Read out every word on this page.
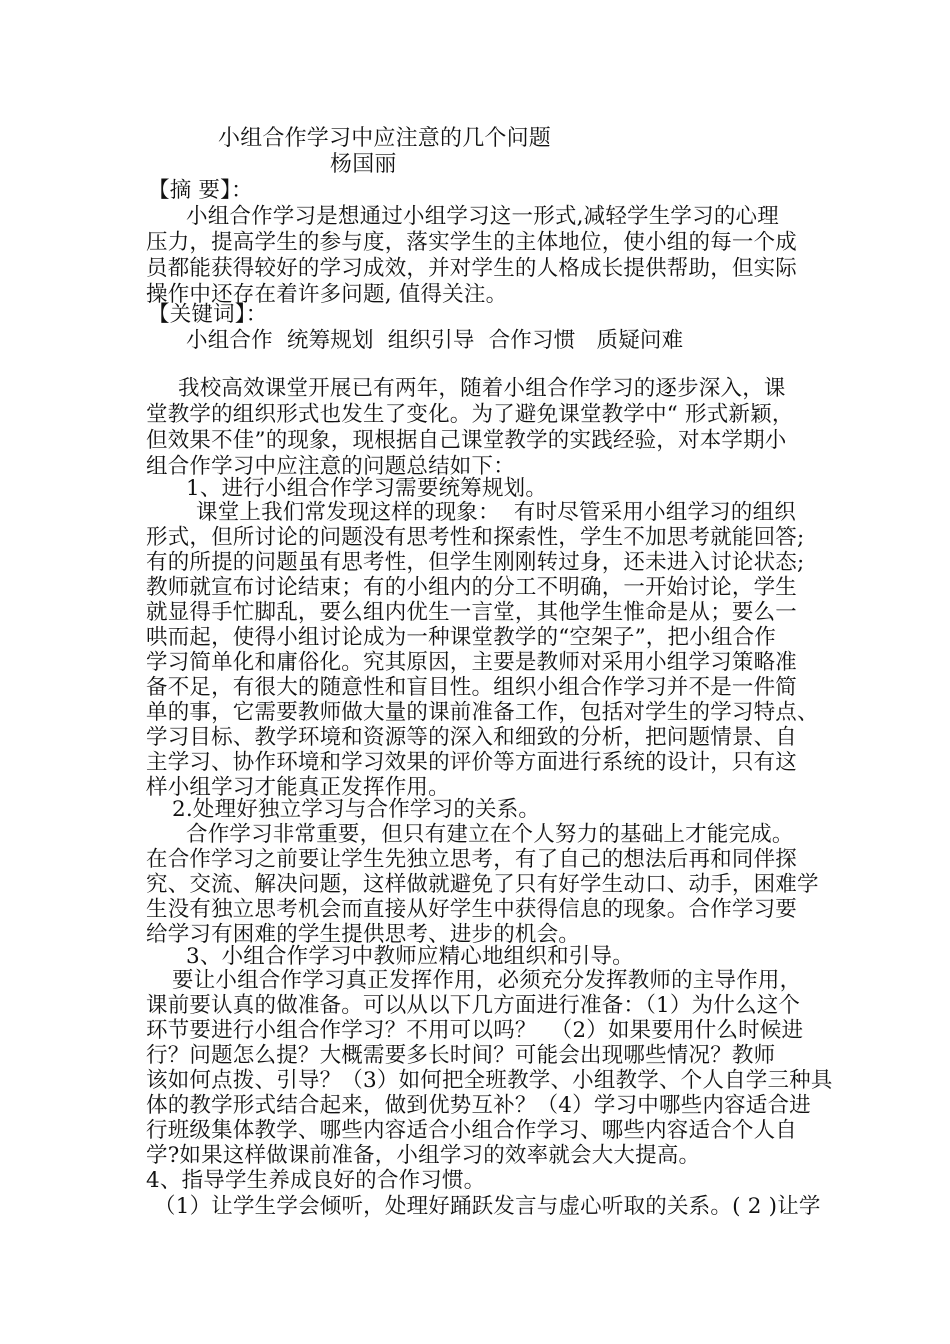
小组合作学习中应注意的几个问题
杨国丽
【摘 要】：
小组合作学习是想通过小组学习这一形式,减轻学生学习的心理
压力，提高学生的参与度，落实学生的主体地位，使小组的每一个成
员都能获得较好的学习成效，并对学生的人格成长提供帮助，但实际
操作中还存在着许多问题, 值得关注。
【关键词】：
小组合作  统筹规划  组织引导  合作习惯   质疑问难
我校高效课堂开展已有两年，随着小组合作学习的逐步深入，课
堂教学的组织形式也发生了变化。为了避免课堂教学中“ 形式新颖，
但效果不佳”的现象，现根据自己课堂教学的实践经验，对本学期小
组合作学习中应注意的问题总结如下：
1、进行小组合作学习需要统筹规划。
课堂上我们常发现这样的现象：  有时尽管采用小组学习的组织
形式，但所讨论的问题没有思考性和探索性，学生不加思考就能回答;
有的所提的问题虽有思考性，但学生刚刚转过身，还未进入讨论状态;
教师就宣布讨论结束；有的小组内的分工不明确，一开始讨论，学生
就显得手忙脚乱，要么组内优生一言堂，其他学生惟命是从；要么一
哄而起，使得小组讨论成为一种课堂教学的“空架子”，把小组合作
学习简单化和庸俗化。究其原因，主要是教师对采用小组学习策略准
备不足，有很大的随意性和盲目性。组织小组合作学习并不是一件简
单的事，它需要教师做大量的课前准备工作，包括对学生的学习特点、
学习目标、教学环境和资源等的深入和细致的分析，把问题情景、自
主学习、协作环境和学习效果的评价等方面进行系统的设计，只有这
样小组学习才能真正发挥作用。
2.处理好独立学习与合作学习的关系。
合作学习非常重要，但只有建立在个人努力的基础上才能完成。
在合作学习之前要让学生先独立思考，有了自己的想法后再和同伴探
究、交流、解决问题，这样做就避免了只有好学生动口、动手，困难学
生没有独立思考机会而直接从好学生中获得信息的现象。合作学习要
给学习有困难的学生提供思考、进步的机会。
3、小组合作学习中教师应精心地组织和引导。
要让小组合作学习真正发挥作用，必须充分发挥教师的主导作用，
课前要认真的做准备。可以从以下几方面进行准备：（1）为什么这个
环节要进行小组合作学习？不用可以吗？  （2）如果要用什么时候进
行？问题怎么提？大概需要多长时间？可能会出现哪些情况？教师
该如何点拨、引导？（3）如何把全班教学、小组教学、个人自学三种具
体的教学形式结合起来，做到优势互补？（4）学习中哪些内容适合进
行班级集体教学、哪些内容适合小组合作学习、哪些内容适合个人自
学?如果这样做课前准备，小组学习的效率就会大大提高。
4、指导学生养成良好的合作习惯。
（1）让学生学会倾听，处理好踊跃发言与虚心听取的关系。( 2 )让学
